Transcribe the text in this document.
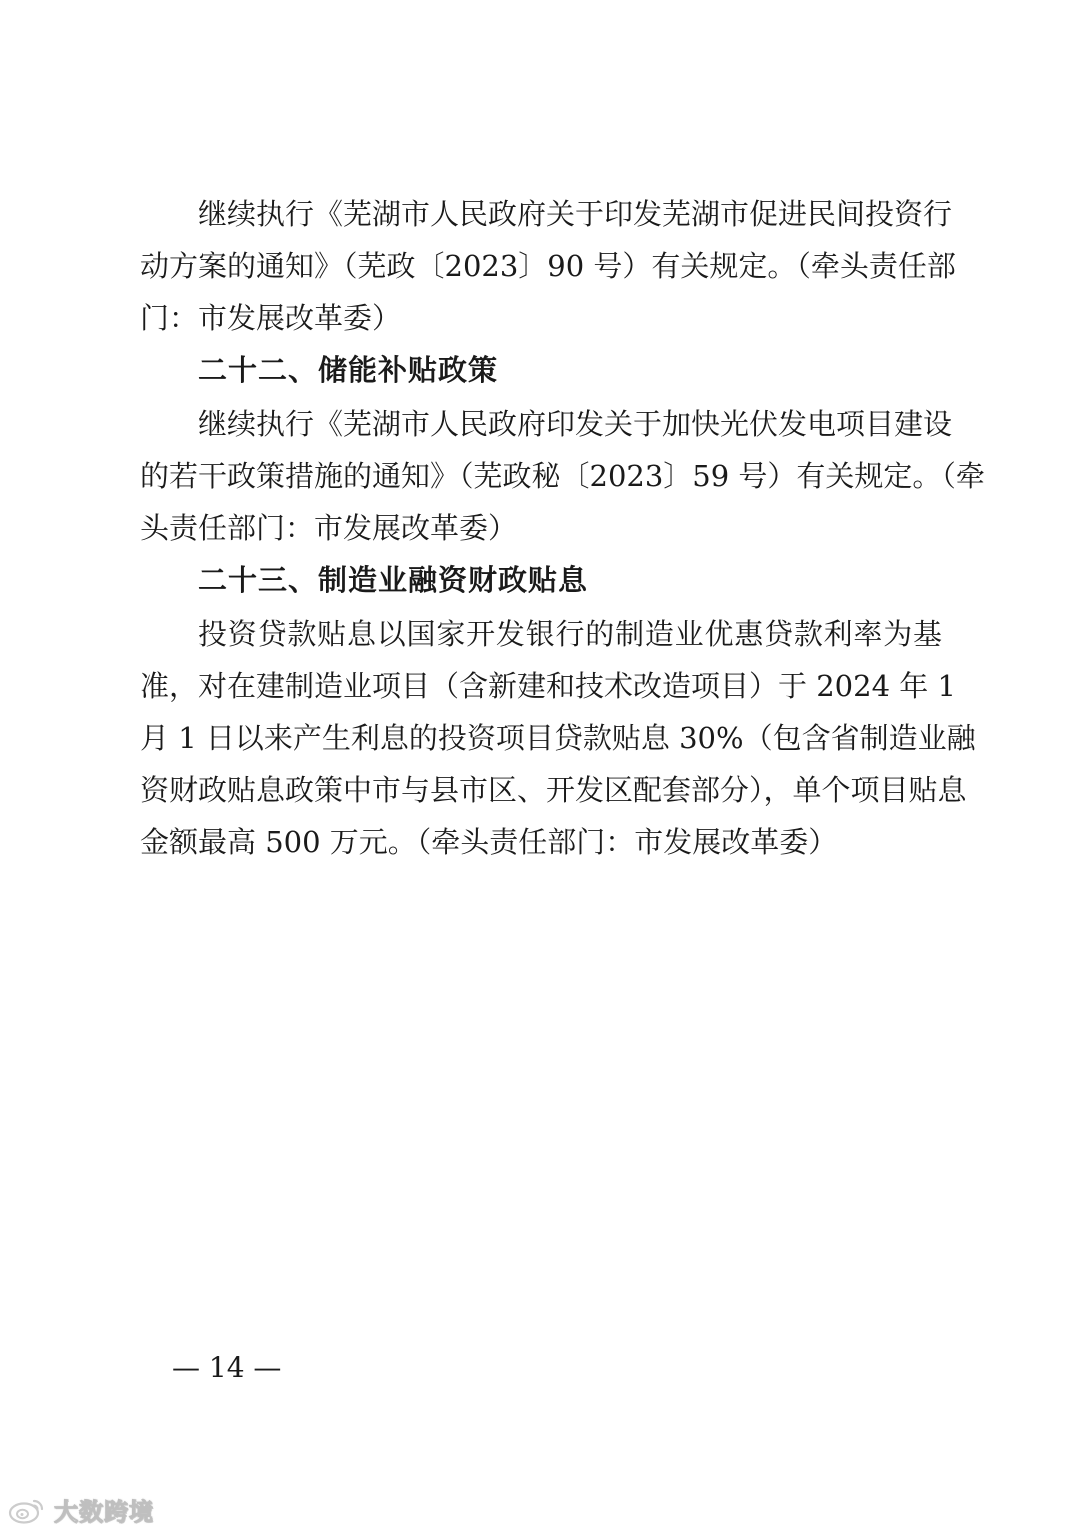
继续执行《芜湖市人民政府关于印发芜湖市促进民间投资行
动方案的通知》（芜政〔2023〕90 号）有关规定。（牵头责任部
门：市发展改革委）
二十二、储能补贴政策
继续执行《芜湖市人民政府印发关于加快光伏发电项目建设
的若干政策措施的通知》（芜政秘〔2023〕59 号）有关规定。（牵
头责任部门：市发展改革委）
二十三、制造业融资财政贴息
投资贷款贴息以国家开发银行的制造业优惠贷款利率为基
准，对在建制造业项目（含新建和技术改造项目）于 2024 年 1
月 1 日以来产生利息的投资项目贷款贴息 30%（包含省制造业融
资财政贴息政策中市与县市区、开发区配套部分），单个项目贴息
金额最高 500 万元。（牵头责任部门：市发展改革委）
— 14 —
大数跨境
